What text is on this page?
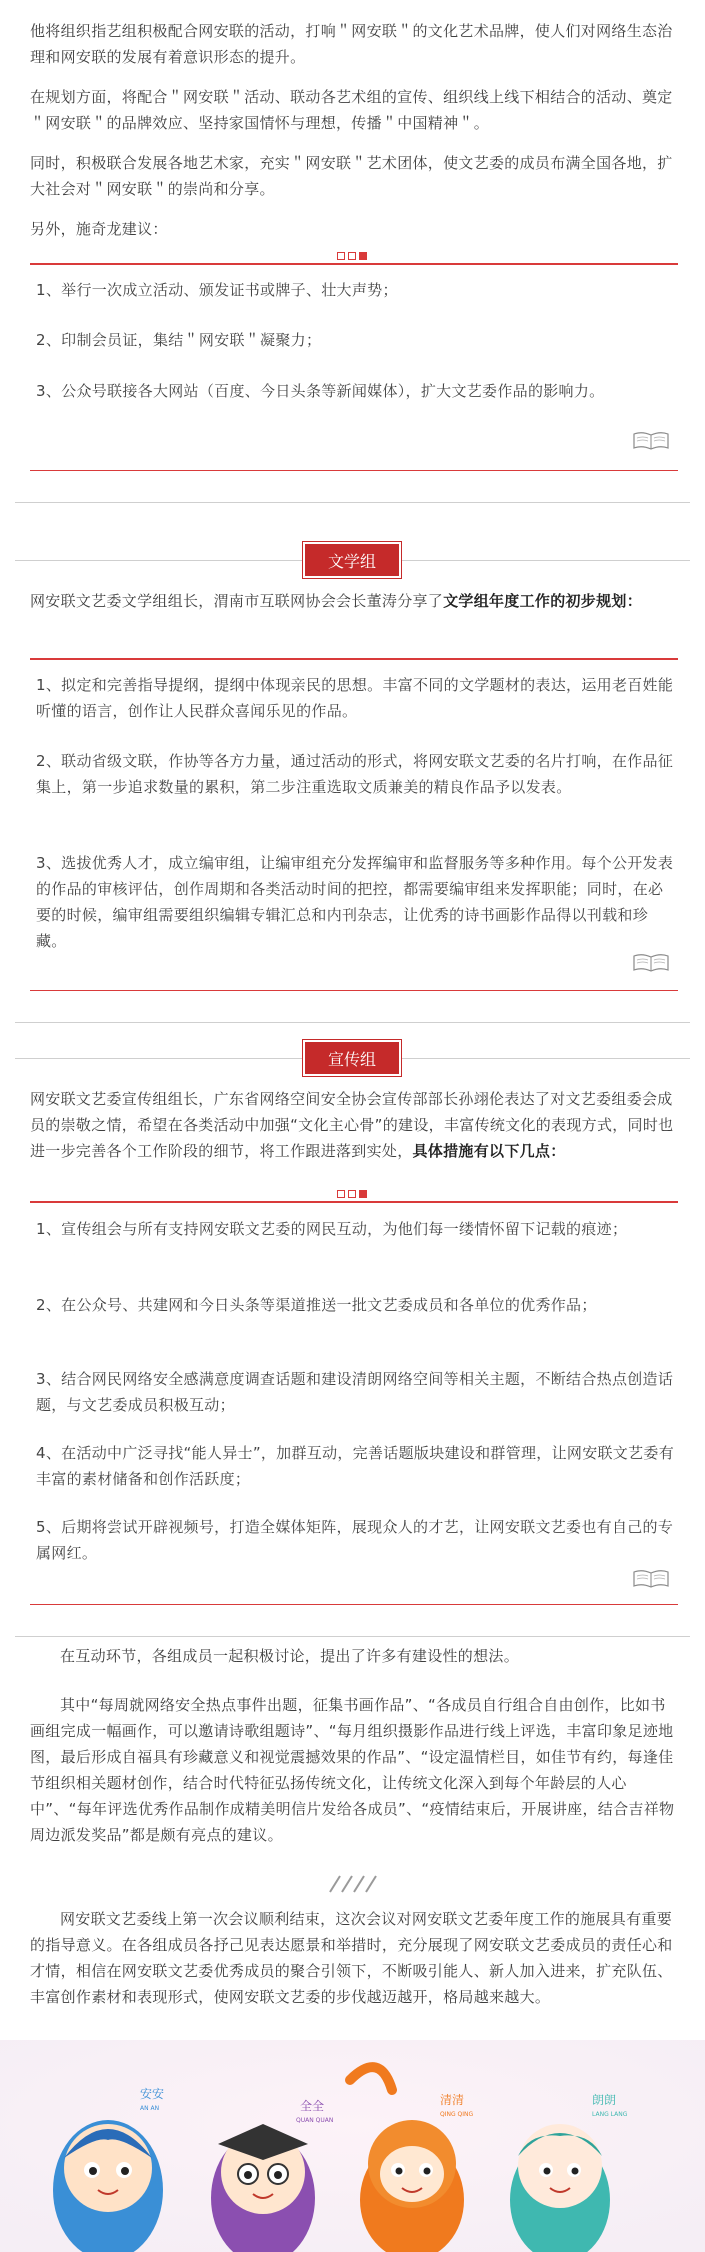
他将组织指艺组积极配合网安联的活动，打响＂网安联＂的文化艺术品牌，使人们对网络生态治理和网安联的发展有着意识形态的提升。
在规划方面，将配合＂网安联＂活动、联动各艺术组的宣传、组织线上线下相结合的活动、奠定＂网安联＂的品牌效应、坚持家国情怀与理想，传播＂中国精神＂。
同时，积极联合发展各地艺术家，充实＂网安联＂艺术团体，使文艺委的成员布满全国各地，扩大社会对＂网安联＂的崇尚和分享。
另外，施奇龙建议：
1、举行一次成立活动、颁发证书或牌子、壮大声势；
2、印制会员证，集结＂网安联＂凝聚力；
3、公众号联接各大网站（百度、今日头条等新闻媒体），扩大文艺委作品的影响力。
文学组
网安联文艺委文学组组长，渭南市互联网协会会长董涛分享了文学组年度工作的初步规划：
1、拟定和完善指导提纲，提纲中体现亲民的思想。丰富不同的文学题材的表达，运用老百姓能听懂的语言，创作让人民群众喜闻乐见的作品。
2、联动省级文联，作协等各方力量，通过活动的形式，将网安联文艺委的名片打响，在作品征集上，第一步追求数量的累积，第二步注重选取文质兼美的精良作品予以发表。
3、选拔优秀人才，成立编审组，让编审组充分发挥编审和监督服务等多种作用。每个公开发表的作品的审核评估，创作周期和各类活动时间的把控，都需要编审组来发挥职能；同时，在必要的时候，编审组需要组织编辑专辑汇总和内刊杂志，让优秀的诗书画影作品得以刊载和珍藏。
宣传组
网安联文艺委宣传组组长，广东省网络空间安全协会宣传部部长孙翊伦表达了对文艺委组委会成员的崇敬之情，希望在各类活动中加强“文化主心骨”的建设，丰富传统文化的表现方式，同时也进一步完善各个工作阶段的细节，将工作跟进落到实处，具体措施有以下几点：
1、宣传组会与所有支持网安联文艺委的网民互动，为他们每一缕情怀留下记载的痕迹；
2、在公众号、共建网和今日头条等渠道推送一批文艺委成员和各单位的优秀作品；
3、结合网民网络安全感满意度调查话题和建设清朗网络空间等相关主题，不断结合热点创造话题，与文艺委成员积极互动；
4、在活动中广泛寻找“能人异士”，加群互动，完善话题版块建设和群管理，让网安联文艺委有丰富的素材储备和创作活跃度；
5、后期将尝试开辟视频号，打造全媒体矩阵，展现众人的才艺，让网安联文艺委也有自己的专属网红。
在互动环节，各组成员一起积极讨论，提出了许多有建设性的想法。
其中“每周就网络安全热点事件出题，征集书画作品”、“各成员自行组合自由创作，比如书画组完成一幅画作，可以邀请诗歌组题诗”、“每月组织摄影作品进行线上评选，丰富印象足迹地图，最后形成自福具有珍藏意义和视觉震撼效果的作品”、“设定温情栏目，如佳节有约，每逢佳节组织相关题材创作，结合时代特征弘扬传统文化，让传统文化深入到每个年龄层的人心中”、“每年评选优秀作品制作成精美明信片发给各成员”、“疫情结束后，开展讲座，结合吉祥物周边派发奖品”都是颇有亮点的建议。
网安联文艺委线上第一次会议顺利结束，这次会议对网安联文艺委年度工作的施展具有重要的指导意义。在各组成员各抒己见表达愿景和举措时，充分展现了网安联文艺委成员的责任心和才情，相信在网安联文艺委优秀成员的聚合引领下，不断吸引能人、新人加入进来，扩充队伍、丰富创作素材和表现形式，使网安联文艺委的步伐越迈越开，格局越来越大。
安安
AN AN	全全
QUAN QUAN
清清
QING QING
朗朗
LANG LANG
